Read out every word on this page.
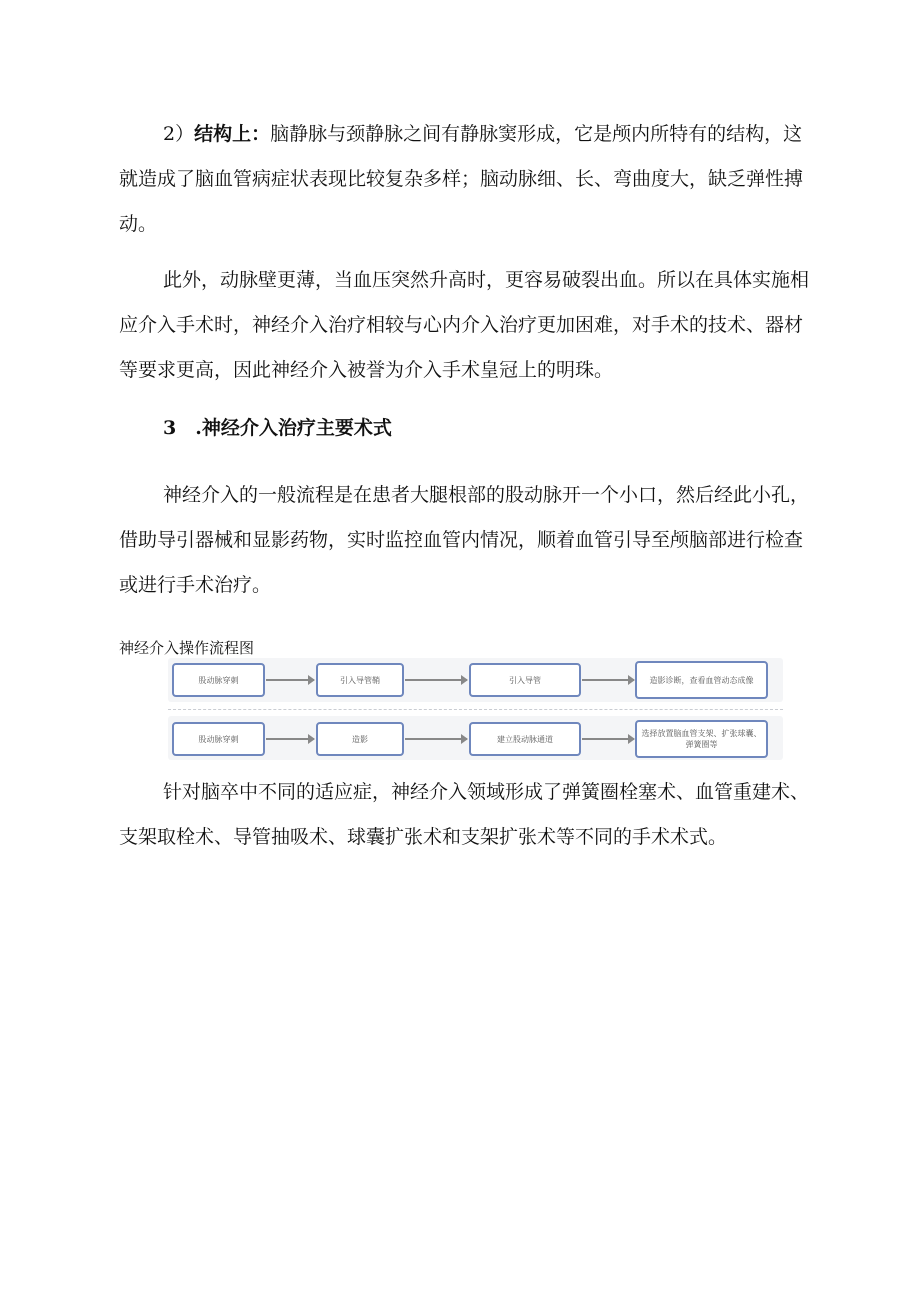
2）结构上：脑静脉与颈静脉之间有静脉窦形成，它是颅内所特有的结构，这就造成了脑血管病症状表现比较复杂多样；脑动脉细、长、弯曲度大，缺乏弹性搏动。

此外，动脉壁更薄，当血压突然升高时，更容易破裂出血。所以在具体实施相应介入手术时，神经介入治疗相较与心内介入治疗更加困难，对手术的技术、器材等要求更高，因此神经介入被誉为介入手术皇冠上的明珠。

3　.神经介入治疗主要术式

神经介入的一般流程是在患者大腿根部的股动脉开一个小口，然后经此小孔，借助导引器械和显影药物，实时监控血管内情况，顺着血管引导至颅脑部进行检查或进行手术治疗。

神经介入操作流程图
股动脉穿刺	引入导管鞘	引入导管	造影诊断，查看血管动态成像
股动脉穿刺	造影	建立股动脉通道
选择放置脑血管支架、扩张球囊、弹簧圈等

针对脑卒中不同的适应症，神经介入领域形成了弹簧圈栓塞术、血管重建术、支架取栓术、导管抽吸术、球囊扩张术和支架扩张术等不同的手术术式。
